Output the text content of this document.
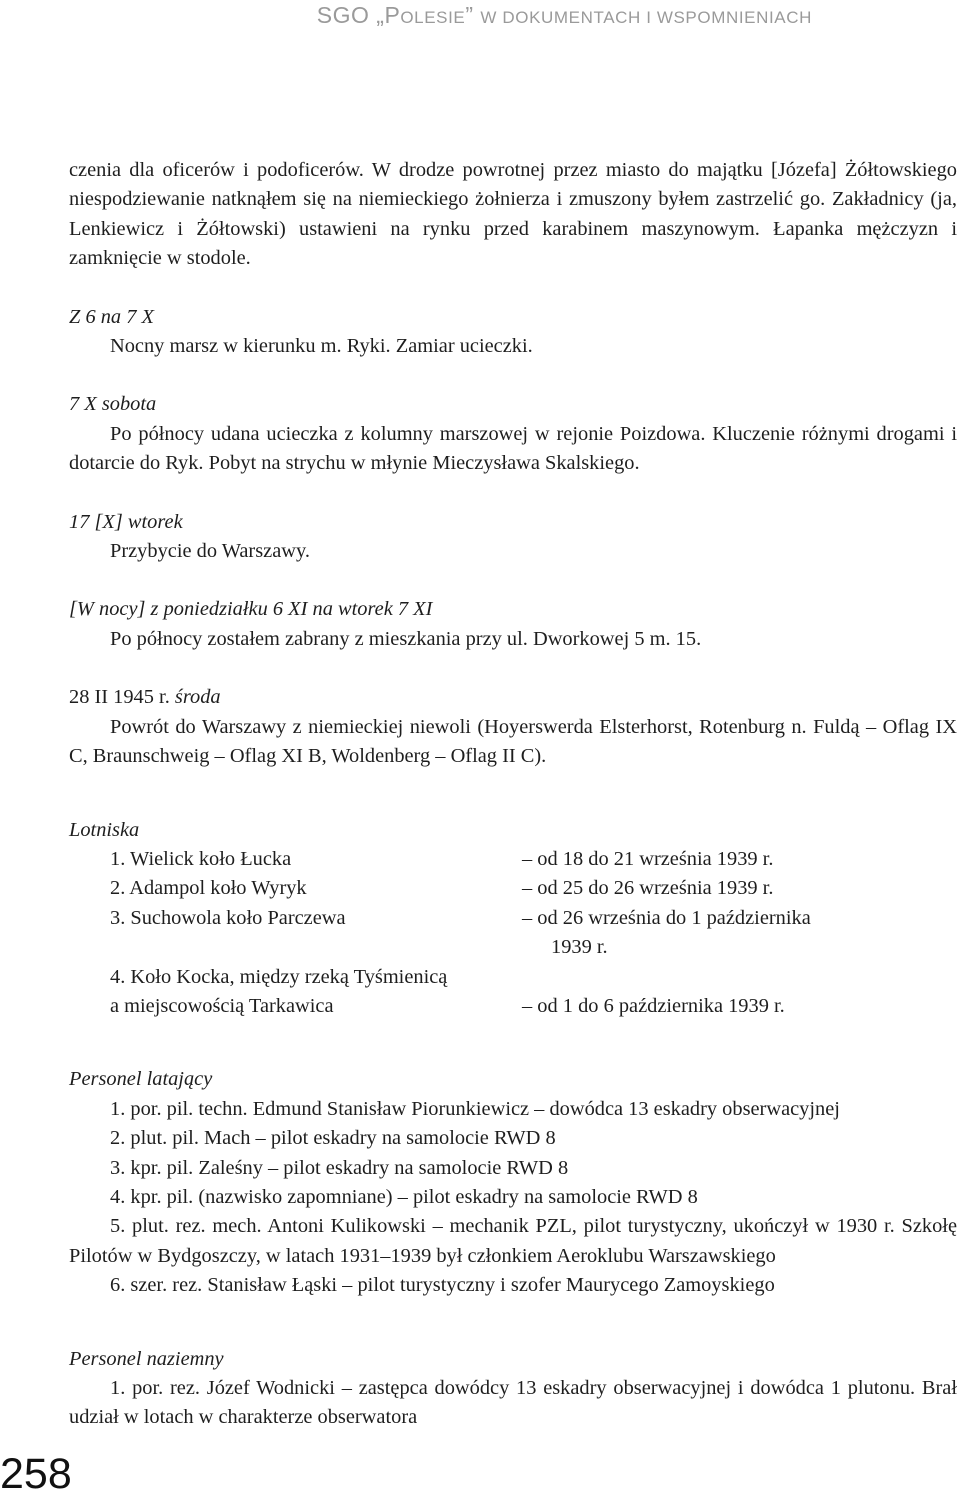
SGO „POLESIE” W DOKUMENTACH I WSPOMNIENIACH

czenia dla oficerów i podoficerów. W drodze powrotnej przez miasto do majątku [Józefa] Żółtowskiego niespodziewanie natknąłem się na niemieckiego żołnierza i zmuszony byłem zastrzelić go. Zakładnicy (ja, Lenkiewicz i Żółtowski) ustawieni na rynku przed karabinem maszynowym. Łapanka mężczyzn i zamknięcie w stodole.

Z 6 na 7 X

Nocny marsz w kierunku m. Ryki. Zamiar ucieczki.

7 X sobota

Po północy udana ucieczka z kolumny marszowej w rejonie Poizdowa. Kluczenie różnymi drogami i dotarcie do Ryk. Pobyt na strychu w młynie Mieczysława Skalskiego.

17 [X] wtorek

Przybycie do Warszawy.

[W nocy] z poniedziałku 6 XI na wtorek 7 XI

Po północy zostałem zabrany z mieszkania przy ul. Dworkowej 5 m. 15.

28 II 1945 r. środa

Powrót do Warszawy z niemieckiej niewoli (Hoyerswerda Elsterhorst, Rotenburg n. Fuldą – Oflag IX C, Braunschweig – Oflag XI B, Woldenberg – Oflag II C).

Lotniska

1. Wielick koło Łucka	– od 18 do 21 września 1939 r.
2. Adampol koło Wyryk	– od 25 do 26 września 1939 r.
3. Suchowola koło Parczewa	– od 26 września do 1 października
1939 r.
4. Koło Kocka, między rzeką Tyśmienicą
a miejscowością Tarkawica	– od 1 do 6 października 1939 r.

Personel latający

1. por. pil. techn. Edmund Stanisław Piorunkiewicz – dowódca 13 eskadry obserwacyjnej

2. plut. pil. Mach – pilot eskadry na samolocie RWD 8

3. kpr. pil. Zaleśny – pilot eskadry na samolocie RWD 8

4. kpr. pil. (nazwisko zapomniane) – pilot eskadry na samolocie RWD 8

5. plut. rez. mech. Antoni Kulikowski – mechanik PZL, pilot turystyczny, ukończył w 1930 r. Szkołę Pilotów w Bydgoszczy, w latach 1931–1939 był członkiem Aeroklubu Warszawskiego

6. szer. rez. Stanisław Łąski – pilot turystyczny i szofer Maurycego Zamoyskiego

Personel naziemny

1. por. rez. Józef Wodnicki – zastępca dowódcy 13 eskadry obserwacyjnej i dowódca 1 plutonu. Brał udział w lotach w charakterze obserwatora

258
